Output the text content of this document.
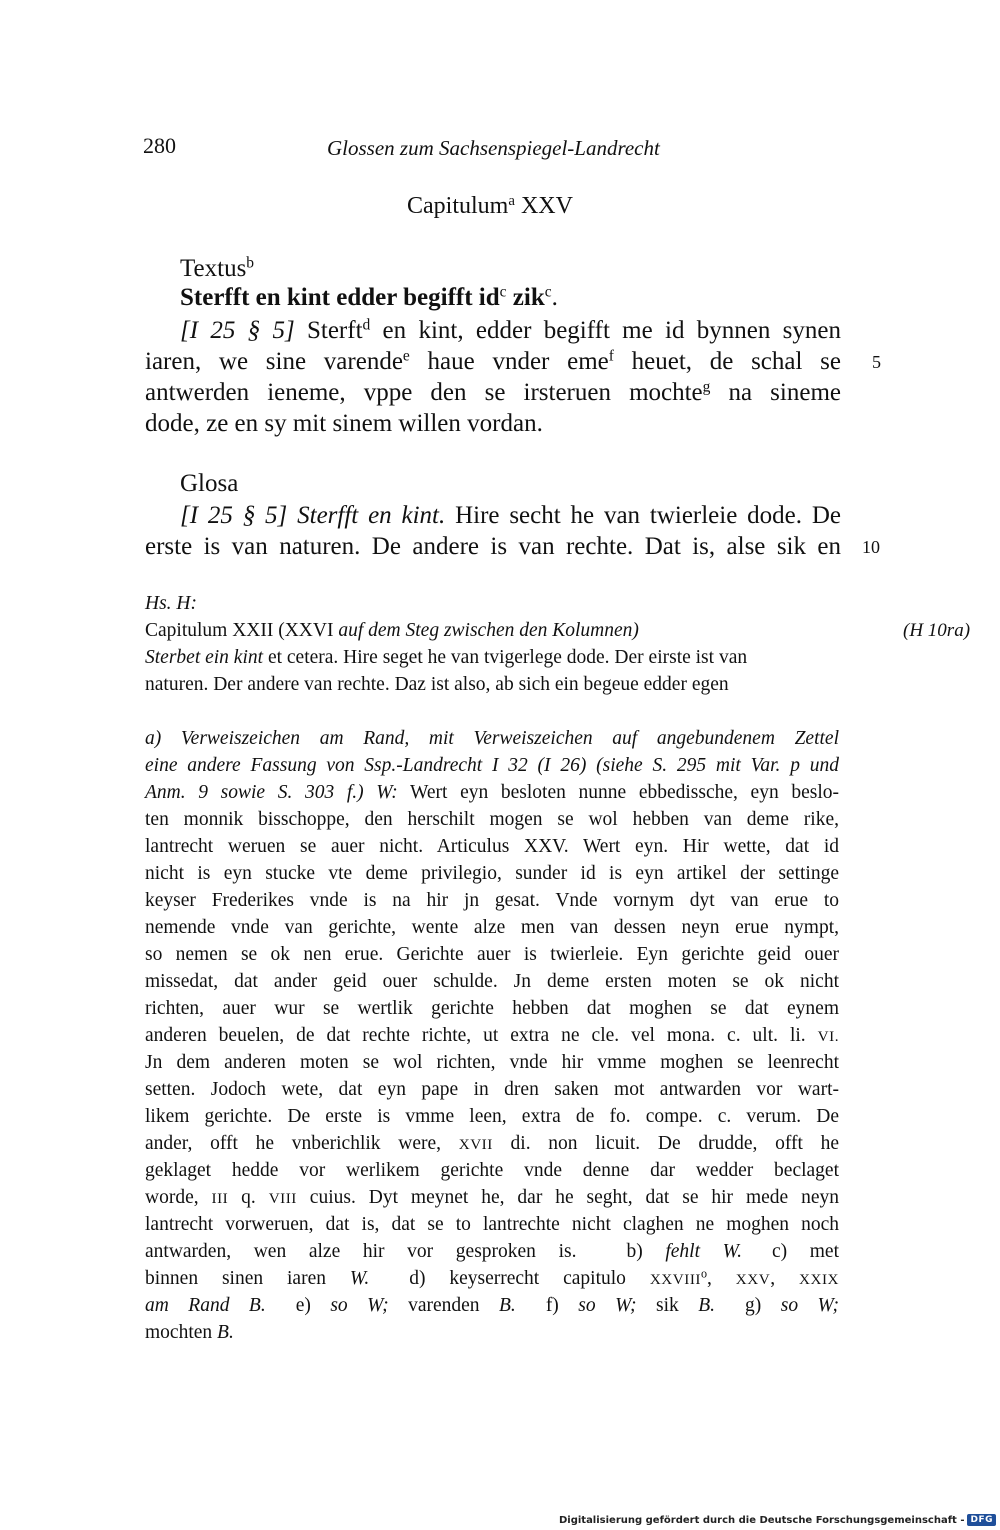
280	Glossen zum Sachsenspiegel-Landrecht
Capitulum$^a$ XXV
Textus$^b$
Sterfft en kint edder begifft $id^c$ zik$^c$.
[I 25 § 5] Sterft$^d$ en kint, edder begifft me id bynnen synen
iaren, we sine varende$^e$ haue vnder eme$^f$ heuet, de schal se
antwerden ieneme, vppe den se irsteruen mochte$^g$ na sineme
dode, ze en sy mit sinem willen vordan.
5
Glosa
[I 25 § 5] Sterfft en kint. Hire secht he van twierleie dode. De
erste is van naturen. De andere is van rechte. Dat is, alse sik en 10
Hs. H:
Capitulum XXII (XXVI auf dem Steg zwischen den Kolumnen)
Sterbet ein kint et cetera. Hire seget he van tvigerlege dode. Der eirste ist van
naturen. Der andere van rechte. Daz ist also, ab sich ein begeue edder egen
(H 10ra)
a) Verweiszeichen am Rand, mit Verweiszeichen auf angebundenem Zettel
eine andere Fassung von Ssp.-Landrecht I 32 (I 26) (siehe S. 295 mit Var. p und
Anm. 9 sowie S. 303 f.) W: Wert eyn besloten nunne ebbedissche, eyn beslo-
ten monnik bisschoppe, den herschilt mogen se wol hebben van deme rike,
lantrecht weruen se auer nicht. Articulus XXV. Wert eyn. Hir wette, dat id
nicht is eyn stucke vte deme privilegio, sunder id is eyn artikel der settinge
keyser Frederikes vnde is na hir jn gesat. Vnde vornym dyt van erue to
nemende vnde van gerichte, wente alze men van dessen neyn erue nympt,
so nemen se ok nen erue. Gerichte auer is twierleie. Eyn gerichte geid ouer
missedat, dat ander geid ouer schulde. Jn deme ersten moten se ok nicht
richten, auer wur se wertlik gerichte hebben dat moghen se dat eynem
anderen beuelen, de dat rechte richte, ut extra ne cle. vel mona. c. ult. li. VI.
Jn dem anderen moten se wol richten, vnde hir vmme moghen se leenrecht
setten. Jodoch wete, dat eyn pape in dren saken mot antwarden vor wart-
likem gerichte. De erste is vmme leen, extra de fo. compe. c. verum. De
ander, offt he vnberichlik were, XVII di. non licuit. De drudde, offt he
geklaget hedde vor werlikem gerichte vnde denne dar wedder beclaget
worde, III q. VIII cuius. Dyt meynet he, dar he seght, dat se hir mede neyn
lantrecht vorweruen, dat is, dat se to lantrechte nicht claghen ne moghen noch
antwarden, wen alze hir vor gesproken is.	b) fehlt W. c) met
binnen sinen iaren W. d) keyserrecht capitulo XXVIII$^o$, XXV, XXIX
am Rand B. e) so W; varenden B. f) so W; sik B. g) so W;
mochten B.
Digitalisierung gefördert durch die Deutsche Forschungsgemeinschaft - DFG
